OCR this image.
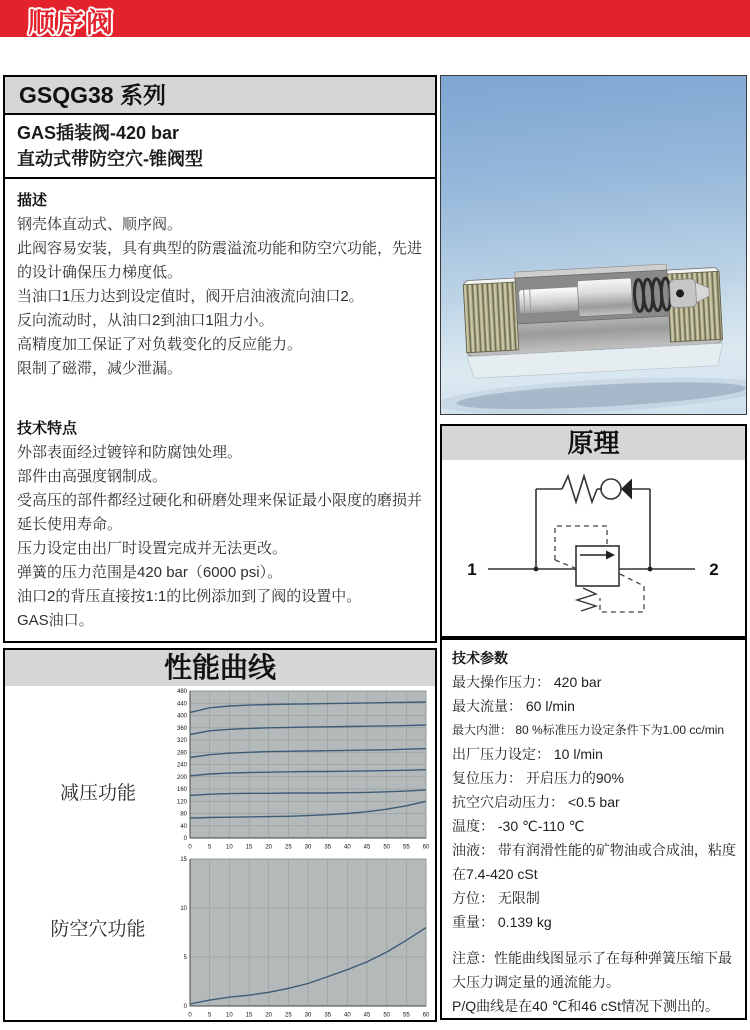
顺序阀
GSQG38 系列
GAS插装阀-420 bar
直动式带防空穴-锥阀型
描述
钢壳体直动式、顺序阀。
此阀容易安装，具有典型的防震溢流功能和防空穴功能，先进的设计确保压力梯度低。
当油口1压力达到设定值时，阀开启油液流向油口2。
反向流动时，从油口2到油口1阻力小。
高精度加工保证了对负载变化的反应能力。
限制了磁滞，减少泄漏。
技术特点
外部表面经过镀锌和防腐蚀处理。
部件由高强度钢制成。
受高压的部件都经过硬化和研磨处理来保证最小限度的磨损并延长使用寿命。
压力设定由出厂时设置完成并无法更改。
弹簧的压力范围是420 bar（6000 psi）。
油口2的背压直接按1:1的比例添加到了阀的设置中。
GAS油口。
原理
1	2
性能曲线
减压功能
0	5 10 15 20 25 30 35 40 45 50 55 60
0
40
80
120
160
200
240
280
320
360
400
440
480
防空穴功能
0	5 10 15 20 25 30 35 40 45 50 55 60
0
5
10
15
技术参数
最大操作压力： 420 bar
最大流量： 60 l/min
最大内泄： 80 %标准压力设定条件下为1.00 cc/min
出厂压力设定： 10 l/min
复位压力： 开启压力的90%
抗空穴启动压力： <0.5 bar
温度： -30 ℃-110 ℃
油液： 带有润滑性能的矿物油或合成油，粘度在7.4-420 cSt
方位： 无限制
重量： 0.139 kg
注意：性能曲线图显示了在每种弹簧压缩下最大压力调定量的通流能力。
P/Q曲线是在40 ℃和46 cSt情况下测出的。
